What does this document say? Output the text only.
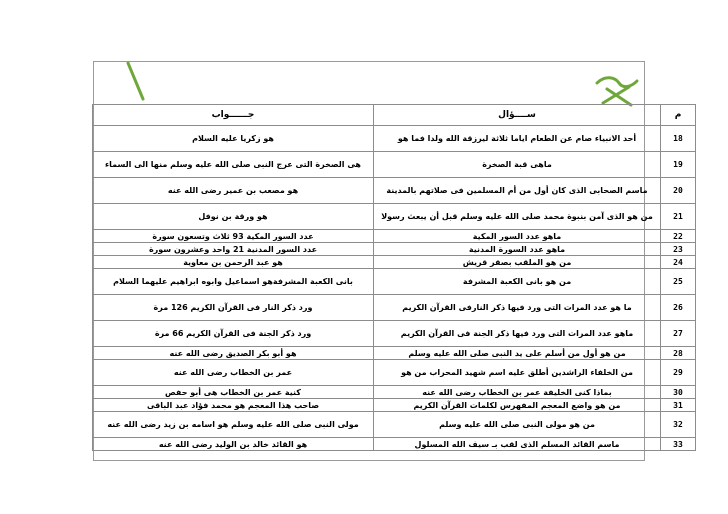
م	ســــؤال	جــــــواب
18	أحد الانبياء صام عن الطعام اياما ثلاثة ليرزقة الله ولدا فما هو	هو زكريا عليه السلام
19	ماهى قبة الصخرة	هى الصخرة التى عرج النبى صلى الله عليه وسلم منها الى السماء
20	ماسم الصحابى الذى كان أول من أم المسلمين فى صلاتهم بالمدينة	هو مصعب بن عمير رضى الله عنه
21	من هو الذى آمن بنبوة محمد صلى الله عليه وسلم قبل أن يبعث رسولا	هو ورقة بن نوفل
22	ماهو عدد السور المكية	عدد السور المكية 93 ثلاث وتسعون سورة
23	ماهو عدد السورة المدنية	عدد السور المدنية 21 واحد وعشرون سورة
24	من هو الملقب بصقر قريش	هو عبد الرحمن بن معاوية
25	من هو بانى الكعبة المشرفة	بانى الكعبة المشرفةهو اسماعيل وابوه ابراهيم عليهما السلام
26	ما هو عدد المرات التى ورد فيها ذكر النارفى القرآن الكريم	ورد ذكر النار فى القرآن الكريم 126 مرة
27	ماهو عدد المرات التى ورد فيها ذكر الجنة فى القرآن الكريم	ورد ذكر الجنة فى القرآن الكريم 66 مرة
28	من هو أول من أسلم على يد النبى صلى الله عليه وسلم	هو أبو بكر الصديق رضى الله عنه
29	من الخلفاء الراشدين أطلق عليه اسم شهيد المحراب من هو	عمر بن الخطاب رضى الله عنه
30	بماذا كنى الخليفة عمر بن الخطاب رضى الله عنه	كنية عمر بن الخطاب هى أبو حفص
31	من هو واضع المعجم المفهرس لكلمات القرآن الكريم	صاحب هذا المعجم هو محمد فؤاد عبد الباقى
32	من هو مولى النبى صلى الله عليه وسلم	مولى النبى صلى الله عليه وسلم هو اسامه بن زيد رضى الله عنه
33	ماسم القائد المسلم الذى لقب بـ سيف الله المسلول	هو القائد خالد بن الوليد رضى الله عنه
